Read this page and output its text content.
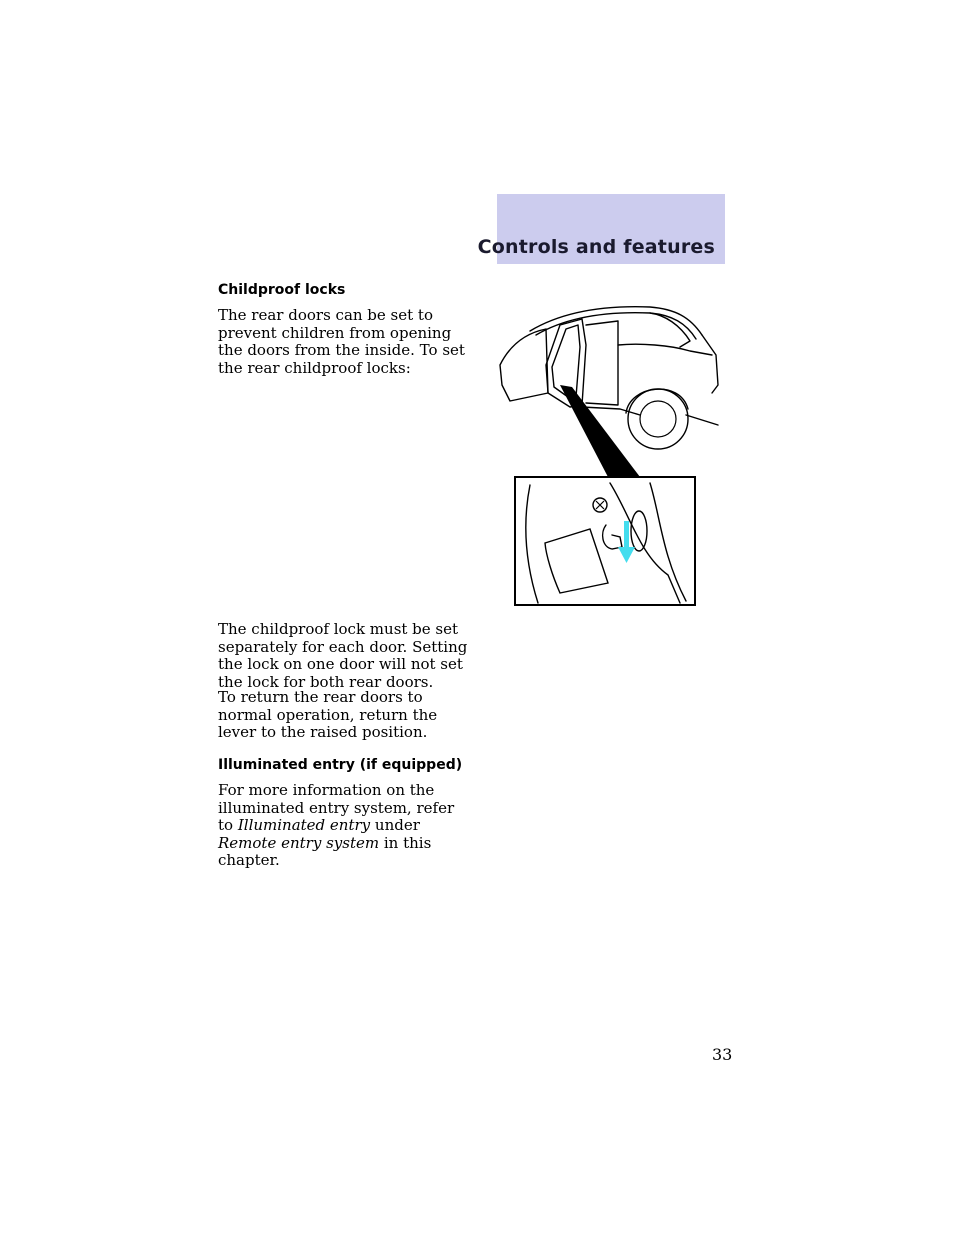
Controls and features
Childproof locks

The rear doors can be set to prevent children from opening the doors from the inside. To set the rear childproof locks:

The childproof lock must be set separately for each door. Setting the lock on one door will not set the lock for both rear doors.

To return the rear doors to normal operation, return the lever to the raised position.

Illuminated entry (if equipped)

For more information on the illuminated entry system, refer to Illuminated entry under Remote entry system in this chapter.

33
